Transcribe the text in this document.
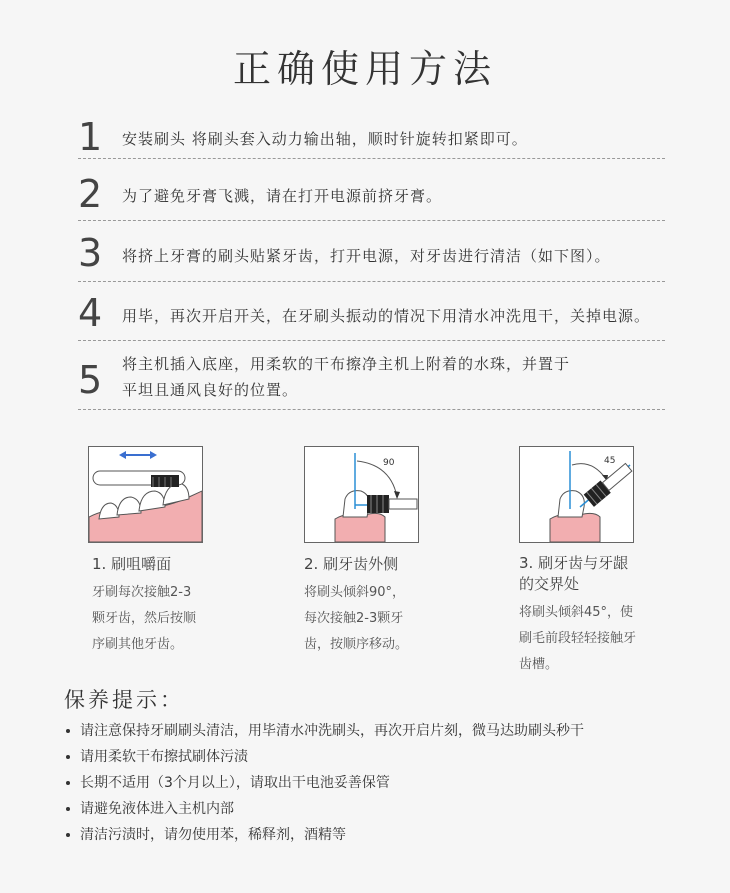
正确使用方法
1 安装刷头 将刷头套入动力输出轴，顺时针旋转扣紧即可。
2 为了避免牙膏飞溅，请在打开电源前挤牙膏。
3 将挤上牙膏的刷头贴紧牙齿，打开电源，对牙齿进行清洁（如下图）。
4 用毕，再次开启开关，在牙刷头振动的情况下用清水冲洗甩干，关掉电源。
5 将主机插入底座，用柔软的干布擦净主机上附着的水珠，并置于
平坦且通风良好的位置。
1. 刷咀嚼面
牙刷每次接触2-3
颗牙齿，然后按顺
序刷其他牙齿。
90
2. 刷牙齿外侧
将刷头倾斜90°，
每次接触2-3颗牙
齿，按顺序移动。
45
3. 刷牙齿与牙龈
的交界处
将刷头倾斜45°，使
刷毛前段轻轻接触牙
齿槽。
保养提示：
请注意保持牙刷刷头清洁，用毕清水冲洗刷头，再次开启片刻，微马达助刷头秒干
请用柔软干布擦拭刷体污渍
长期不适用（3个月以上），请取出干电池妥善保管
请避免液体进入主机内部
清洁污渍时，请勿使用苯，稀释剂，酒精等
